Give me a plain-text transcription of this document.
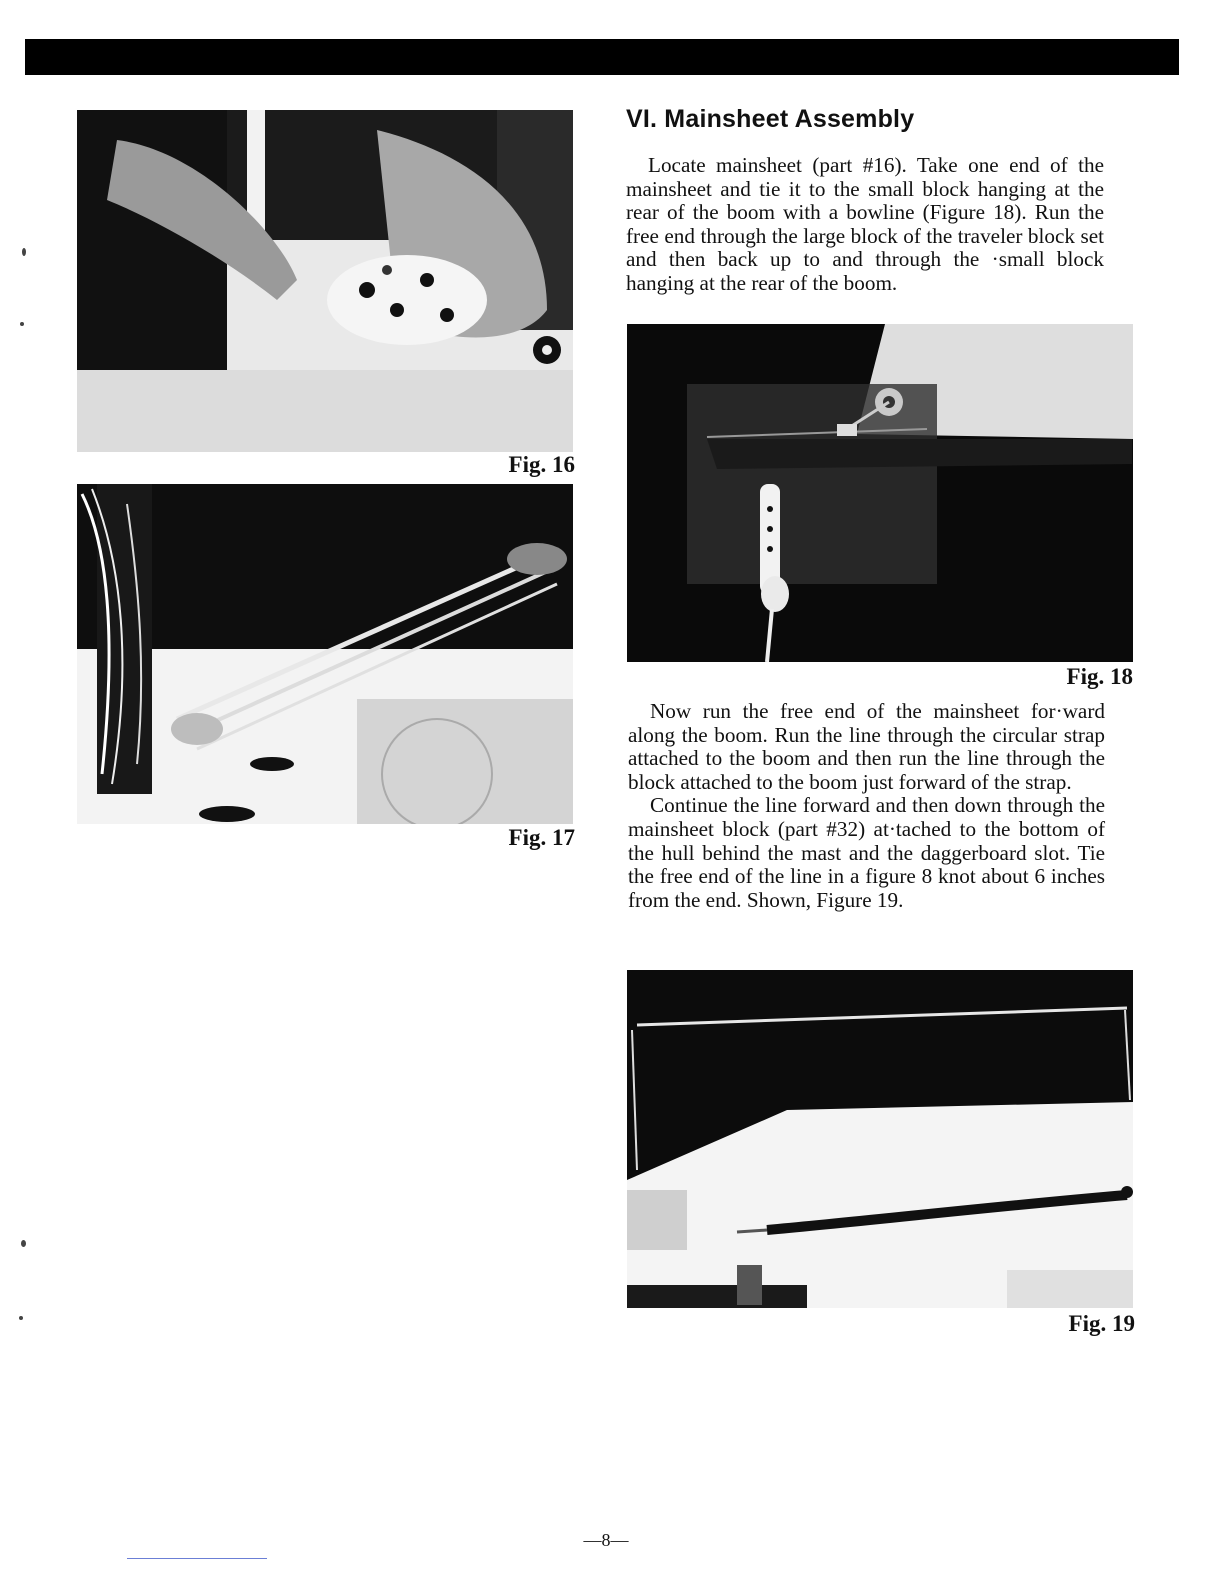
Fig. 16
Fig. 17
VI. Mainsheet Assembly

Locate mainsheet (part #16). Take one end of the mainsheet and tie it to the small block hanging at the rear of the boom with a bowline (Figure 18). Run the free end through the large block of the traveler block set and then back up to and through the ·small block hanging at the rear of the boom.

Fig. 18

Now run the free end of the mainsheet for·ward along the boom. Run the line through the circular strap attached to the boom and then run the line through the block attached to the boom just forward of the strap.

Continue the line forward and then down through the mainsheet block (part #32) at·tached to the bottom of the hull behind the mast and the daggerboard slot. Tie the free end of the line in a figure 8 knot about 6 inches from the end. Shown, Figure 19.

Fig. 19
—8—
